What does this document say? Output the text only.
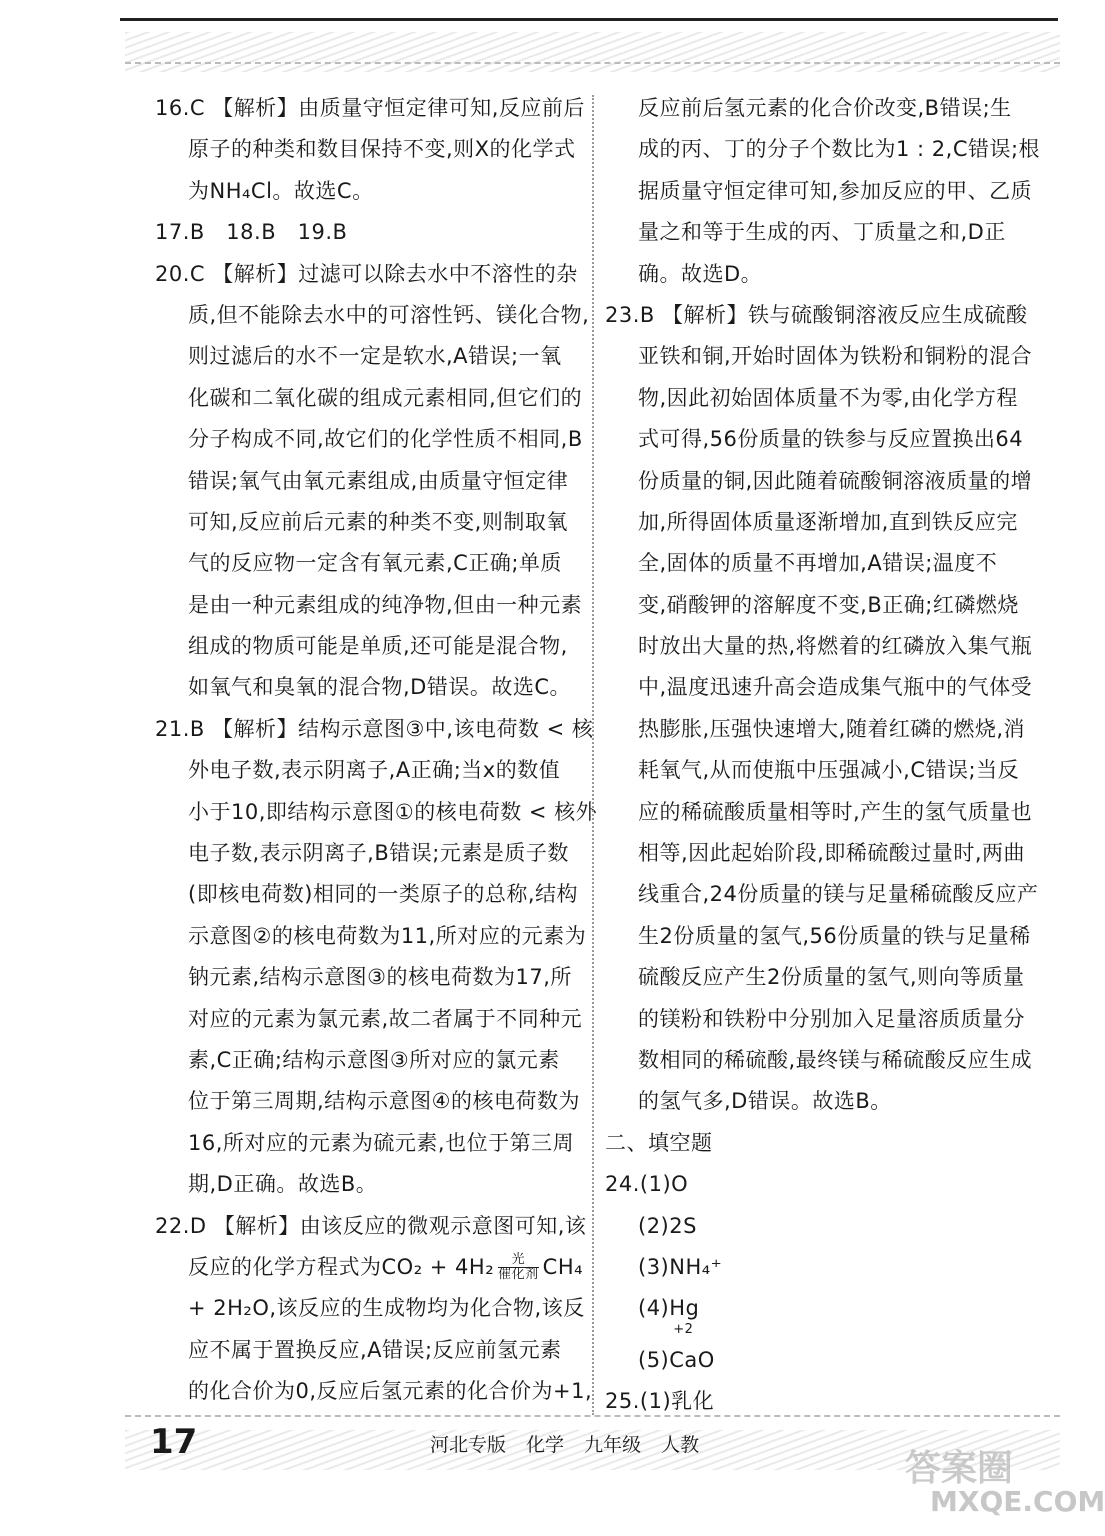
16.C 【解析】由质量守恒定律可知,反应前后

原子的种类和数目保持不变,则X的化学式

为NH₄Cl。故选C。

17.B　18.B　19.B

20.C 【解析】过滤可以除去水中不溶性的杂

质,但不能除去水中的可溶性钙、镁化合物,

则过滤后的水不一定是软水,A错误;一氧

化碳和二氧化碳的组成元素相同,但它们的

分子构成不同,故它们的化学性质不相同,B

错误;氧气由氧元素组成,由质量守恒定律

可知,反应前后元素的种类不变,则制取氧

气的反应物一定含有氧元素,C正确;单质

是由一种元素组成的纯净物,但由一种元素

组成的物质可能是单质,还可能是混合物,

如氧气和臭氧的混合物,D错误。故选C。

21.B 【解析】结构示意图③中,该电荷数 < 核

外电子数,表示阴离子,A正确;当x的数值

小于10,即结构示意图①的核电荷数 < 核外

电子数,表示阴离子,B错误;元素是质子数

(即核电荷数)相同的一类原子的总称,结构

示意图②的核电荷数为11,所对应的元素为

钠元素,结构示意图③的核电荷数为17,所

对应的元素为氯元素,故二者属于不同种元

素,C正确;结构示意图③所对应的氯元素

位于第三周期,结构示意图④的核电荷数为

16,所对应的元素为硫元素,也位于第三周

期,D正确。故选B。

22.D 【解析】由该反应的微观示意图可知,该

反应的化学方程式为$CO_2 + 4H_2 \frac{\text{光}}{\text{催化剂}} CH_4$

+ 2H₂O,该反应的生成物均为化合物,该反

应不属于置换反应,A错误;反应前氢元素

的化合价为0,反应后氢元素的化合价为+1,

反应前后氢元素的化合价改变,B错误;生

成的丙、丁的分子个数比为1 : 2,C错误;根

据质量守恒定律可知,参加反应的甲、乙质

量之和等于生成的丙、丁质量之和,D正

确。故选D。

23.B 【解析】铁与硫酸铜溶液反应生成硫酸

亚铁和铜,开始时固体为铁粉和铜粉的混合

物,因此初始固体质量不为零,由化学方程

式可得,56份质量的铁参与反应置换出64

份质量的铜,因此随着硫酸铜溶液质量的增

加,所得固体质量逐渐增加,直到铁反应完

全,固体的质量不再增加,A错误;温度不

变,硝酸钾的溶解度不变,B正确;红磷燃烧

时放出大量的热,将燃着的红磷放入集气瓶

中,温度迅速升高会造成集气瓶中的气体受

热膨胀,压强快速增大,随着红磷的燃烧,消

耗氧气,从而使瓶中压强减小,C错误;当反

应的稀硫酸质量相等时,产生的氢气质量也

相等,因此起始阶段,即稀硫酸过量时,两曲

线重合,24份质量的镁与足量稀硫酸反应产

生2份质量的氢气,56份质量的铁与足量稀

硫酸反应产生2份质量的氢气,则向等质量

的镁粉和铁粉中分别加入足量溶质质量分

数相同的稀硫酸,最终镁与稀硫酸反应生成

的氢气多,D错误。故选B。

二、填空题

24.(1)O

(2)2S

(3)NH₄⁺

(4)Hg

(5)
+2
CaO

25.(1)乳化

17	河北专版 化学 九年级 人教
答案圈
MXQE.COM
